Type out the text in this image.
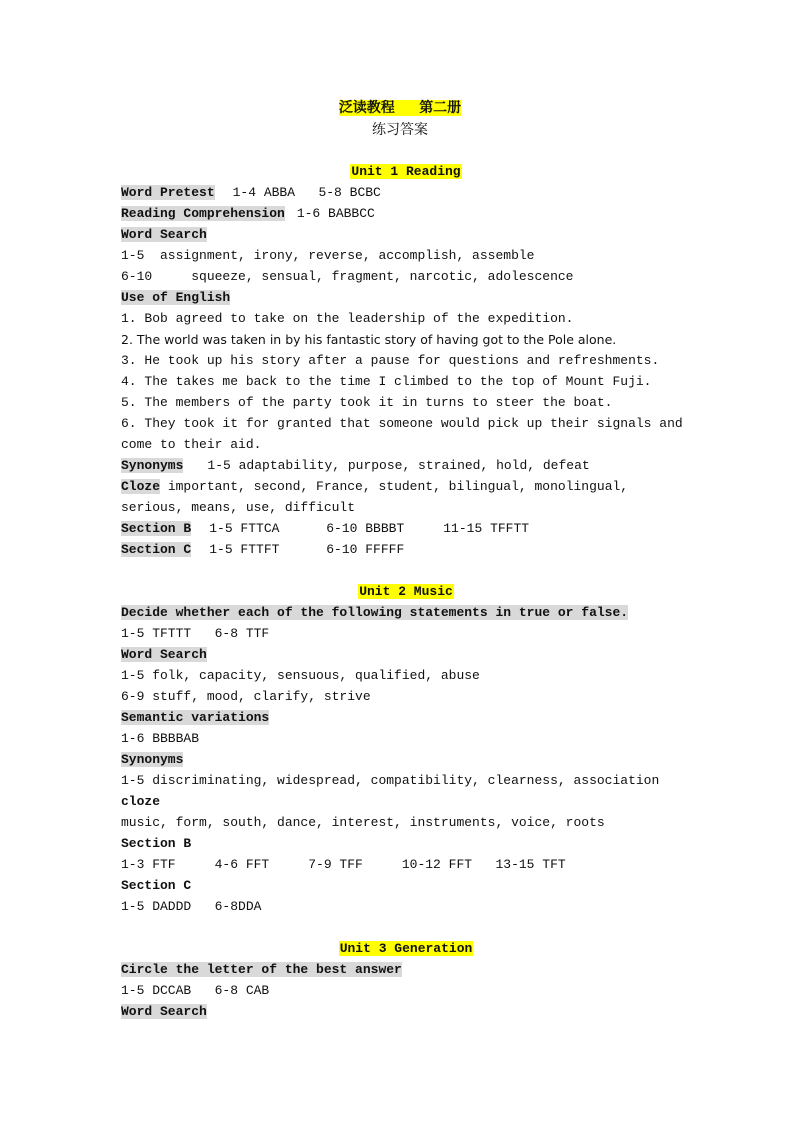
泛读教程 第二册
练习答案
Unit 1 Reading
Word Pretest 1-4 ABBA   5-8 BCBC
Reading Comprehension 1-6 BABBCC
Word Search
1-5  assignment, irony, reverse, accomplish, assemble
6-10     squeeze, sensual, fragment, narcotic, adolescence
Use of English
1. Bob agreed to take on the leadership of the expedition.
2. The world was taken in by his fantastic story of having got to the Pole alone.
3. He took up his story after a pause for questions and refreshments.
4. The takes me back to the time I climbed to the top of Mount Fuji.
5. The members of the party took it in turns to steer the boat.
6. They took it for granted that someone would pick up their signals and come to their aid.
Synonyms 1-5 adaptability, purpose, strained, hold, defeat
Cloze important, second, France, student, bilingual, monolingual, serious, means, use, difficult
Section B 1-5 FTTCA      6-10 BBBBT     11-15 TFFTT
Section C 1-5 FTTFT      6-10 FFFFF
Unit 2 Music
Decide whether each of the following statements in true or false.
1-5 TFTTT   6-8 TTF
Word Search
1-5 folk, capacity, sensuous, qualified, abuse
6-9 stuff, mood, clarify, strive
Semantic variations
1-6 BBBBAB
Synonyms
1-5 discriminating, widespread, compatibility, clearness, association
cloze
music, form, south, dance, interest, instruments, voice, roots
Section B
1-3 FTF     4-6 FFT     7-9 TFF     10-12 FFT   13-15 TFT
Section C
1-5 DADDD   6-8DDA
Unit 3 Generation
Circle the letter of the best answer
1-5 DCCAB   6-8 CAB
Word Search
